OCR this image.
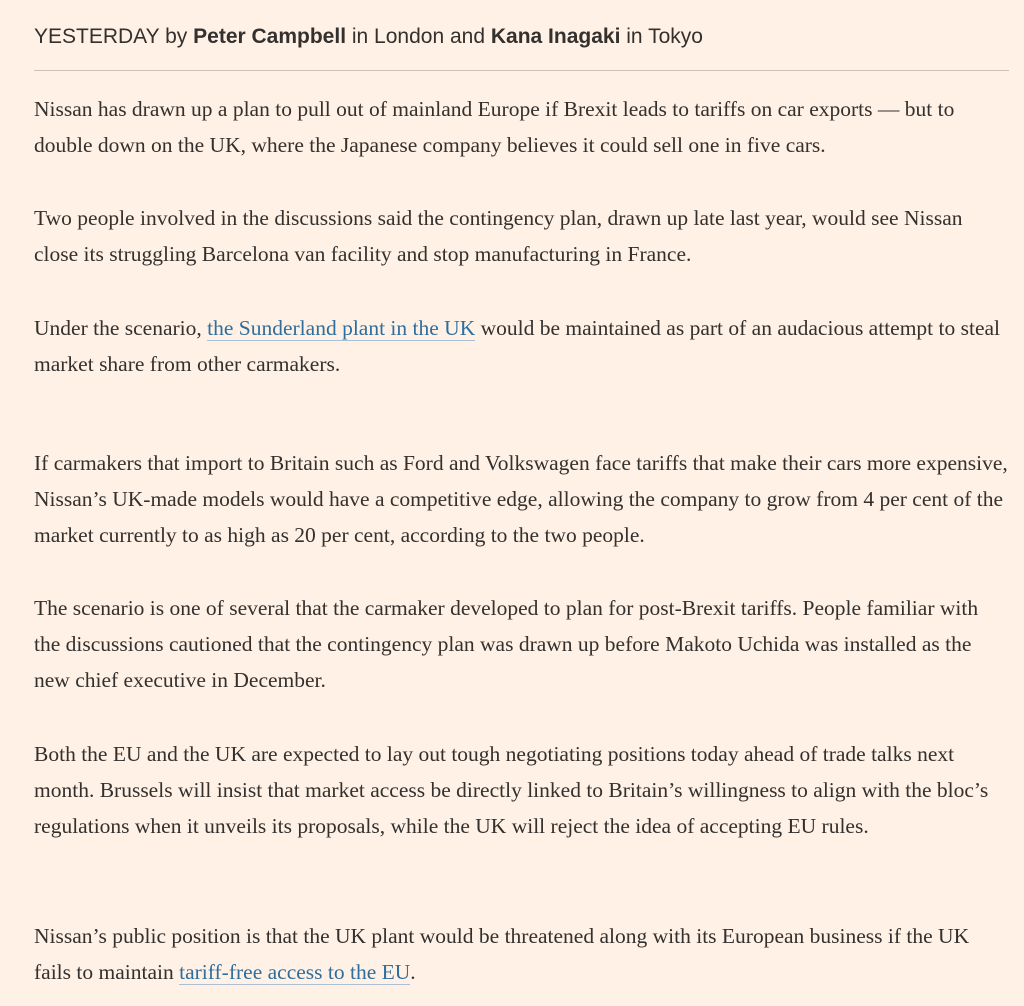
YESTERDAY by Peter Campbell in London and Kana Inagaki in Tokyo

Nissan has drawn up a plan to pull out of mainland Europe if Brexit leads to tariffs on car exports — but to double down on the UK, where the Japanese company believes it could sell one in five cars.

Two people involved in the discussions said the contingency plan, drawn up late last year, would see Nissan close its struggling Barcelona van facility and stop manufacturing in France.

Under the scenario, the Sunderland plant in the UK would be maintained as part of an audacious attempt to steal market share from other carmakers.

If carmakers that import to Britain such as Ford and Volkswagen face tariffs that make their cars more expensive, Nissan’s UK-made models would have a competitive edge, allowing the company to grow from 4 per cent of the market currently to as high as 20 per cent, according to the two people.

The scenario is one of several that the carmaker developed to plan for post-Brexit tariffs. People familiar with the discussions cautioned that the contingency plan was drawn up before Makoto Uchida was installed as the new chief executive in December.

Both the EU and the UK are expected to lay out tough negotiating positions today ahead of trade talks next month. Brussels will insist that market access be directly linked to Britain’s willingness to align with the bloc’s regulations when it unveils its proposals, while the UK will reject the idea of accepting EU rules.

Nissan’s public position is that the UK plant would be threatened along with its European business if the UK fails to maintain tariff-free access to the EU.
